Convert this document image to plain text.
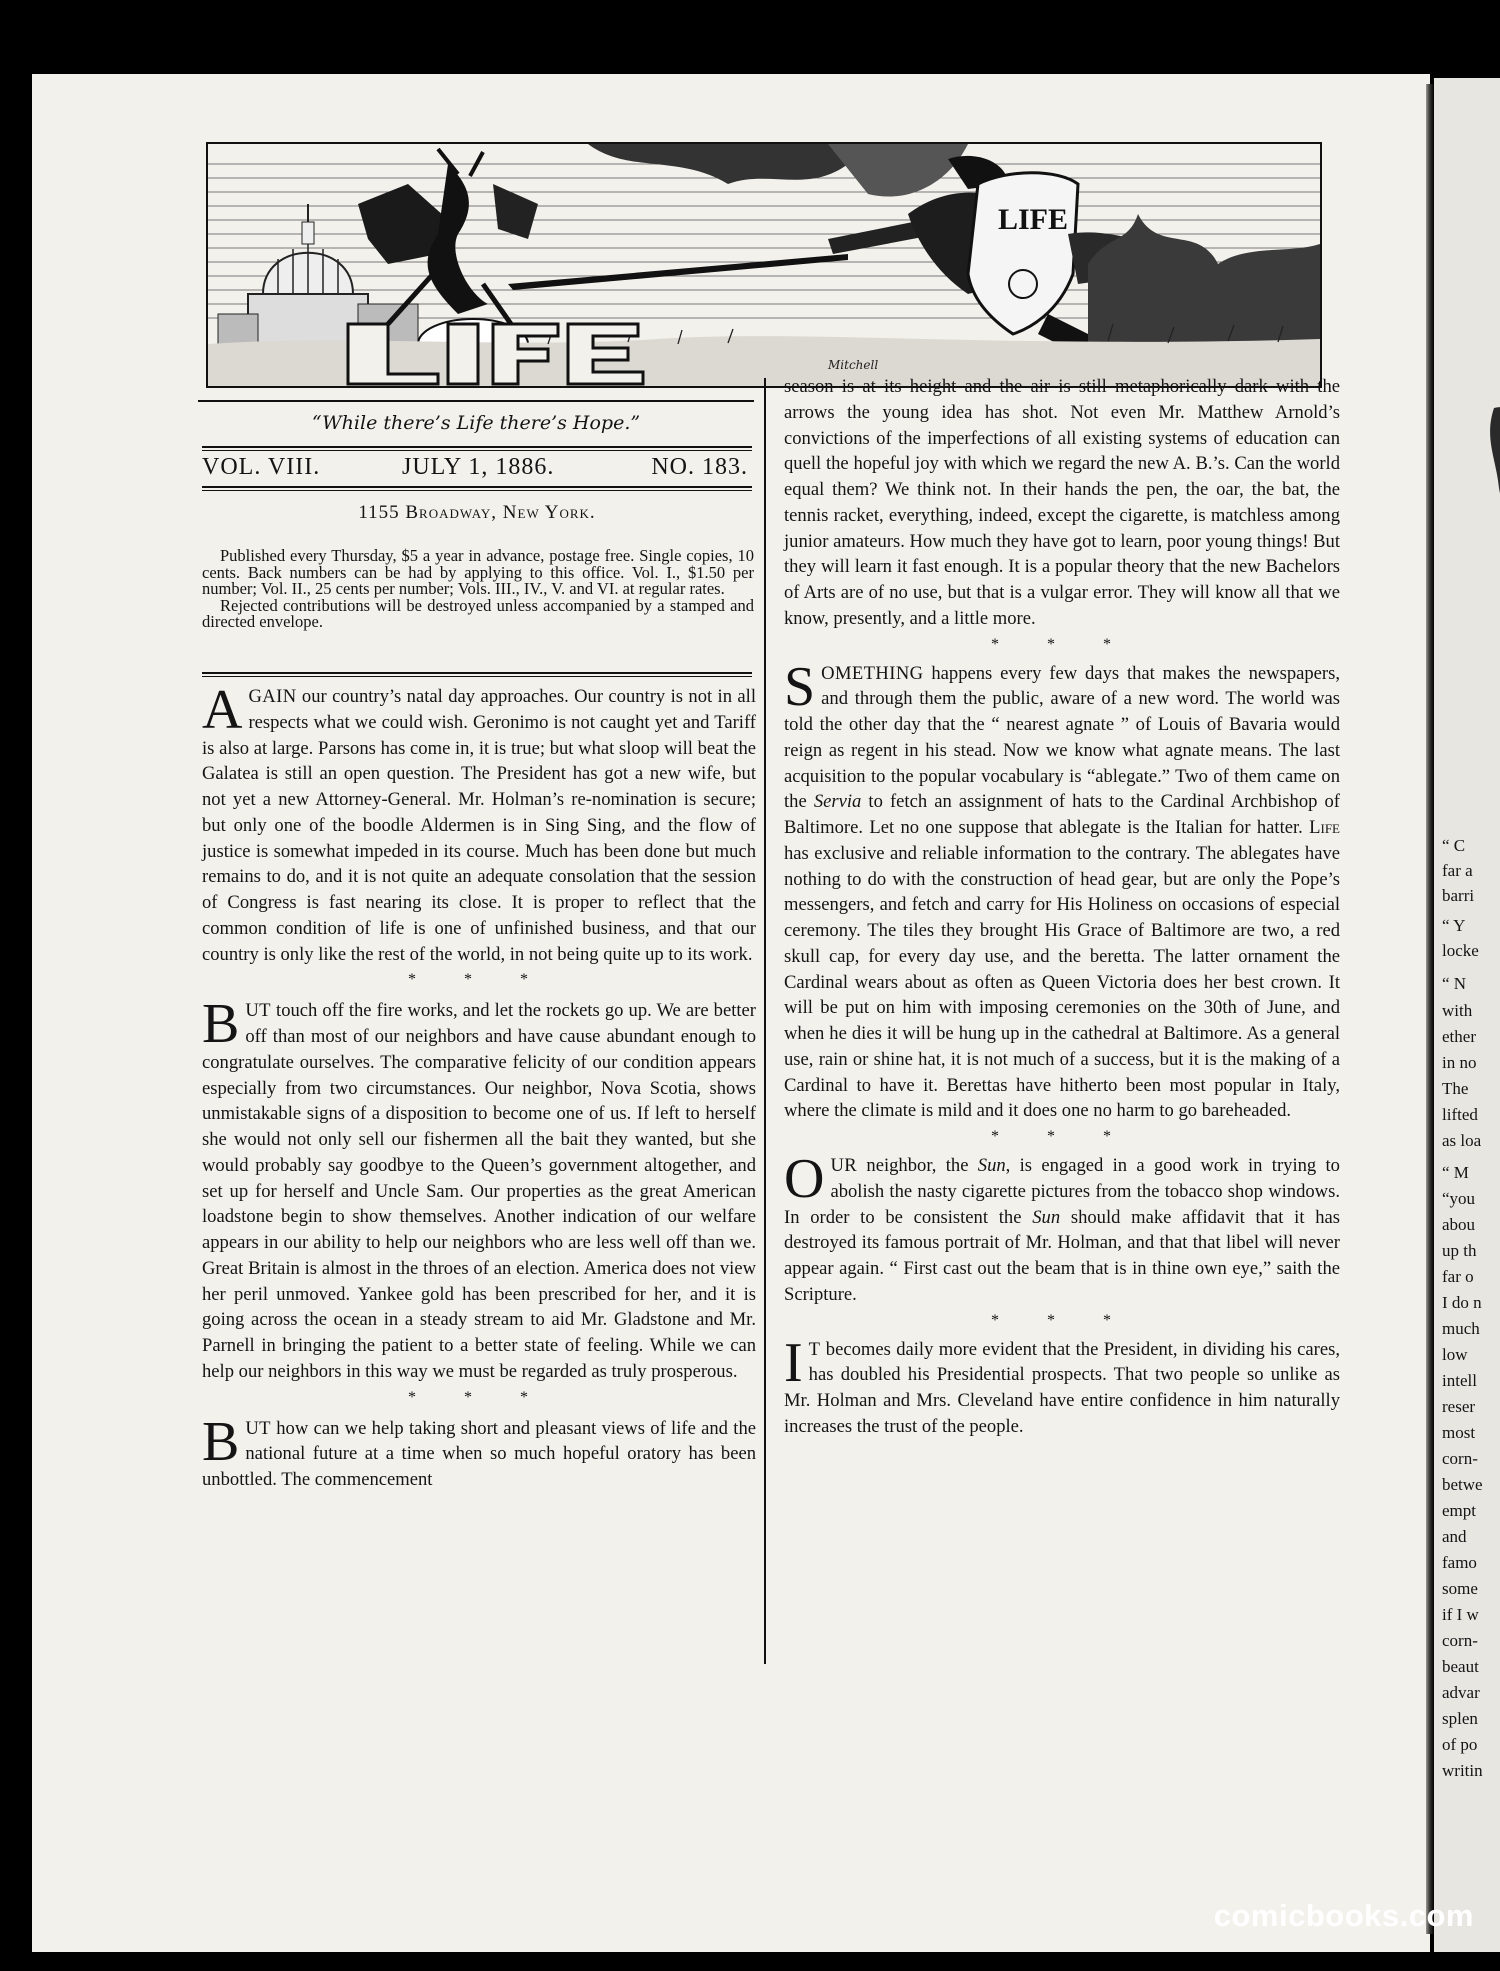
“ C
far a
barri
“ Y
locke
“ N
with
ether
in no
The
lifted
as loa
“ M
“you
abou
up th
far o
I do n
much
low
intell
reser
most
corn-
betwe
empt
and
famo
some
if I w
corn-
beaut
advar
splen
of po
writin
LIFE
Mitchell
“While there’s Life there’s Hope.”
VOL. VIII.	JULY 1, 1886.	NO. 183.
1155 Broadway, New York.

Published every Thursday, $5 a year in advance, postage free. Single copies, 10 cents. Back numbers can be had by applying to this office. Vol. I., $1.50 per number; Vol. II., 25 cents per number; Vols. III., IV., V. and VI. at regular rates.

Rejected contributions will be destroyed unless accompanied by a stamped and directed envelope.

AGAIN our country’s natal day approaches. Our country is not in all respects what we could wish. Geronimo is not caught yet and Tariff is also at large. Parsons has come in, it is true; but what sloop will beat the Galatea is still an open question. The President has got a new wife, but not yet a new Attorney-General. Mr. Holman’s re-nomination is secure; but only one of the boodle Aldermen is in Sing Sing, and the flow of justice is somewhat impeded in its course. Much has been done but much remains to do, and it is not quite an adequate consolation that the session of Congress is fast nearing its close. It is proper to reflect that the common condition of life is one of unfinished business, and that our country is only like the rest of the world, in not being quite up to its work.

* * *

BUT touch off the fire works, and let the rockets go up. We are better off than most of our neighbors and have cause abundant enough to congratulate ourselves. The comparative felicity of our condition appears especially from two circumstances. Our neighbor, Nova Scotia, shows unmistakable signs of a disposition to become one of us. If left to herself she would not only sell our fishermen all the bait they wanted, but she would probably say goodbye to the Queen’s government altogether, and set up for herself and Uncle Sam. Our properties as the great American loadstone begin to show themselves. Another indication of our welfare appears in our ability to help our neighbors who are less well off than we. Great Britain is almost in the throes of an election. America does not view her peril unmoved. Yankee gold has been prescribed for her, and it is going across the ocean in a steady stream to aid Mr. Gladstone and Mr. Parnell in bringing the patient to a better state of feeling. While we can help our neighbors in this way we must be regarded as truly prosperous.

* * *

BUT how can we help taking short and pleasant views of life and the national future at a time when so much hopeful oratory has been unbottled. The commencement

season is at its height and the air is still metaphorically dark with the arrows the young idea has shot. Not even Mr. Matthew Arnold’s convictions of the imperfections of all existing systems of education can quell the hopeful joy with which we regard the new A. B.’s. Can the world equal them? We think not. In their hands the pen, the oar, the bat, the tennis racket, everything, indeed, except the cigarette, is matchless among junior amateurs. How much they have got to learn, poor young things! But they will learn it fast enough. It is a popular theory that the new Bachelors of Arts are of no use, but that is a vulgar error. They will know all that we know, presently, and a little more.

* * *

SOMETHING happens every few days that makes the newspapers, and through them the public, aware of a new word. The world was told the other day that the “ nearest agnate ” of Louis of Bavaria would reign as regent in his stead. Now we know what agnate means. The last acquisition to the popular vocabulary is “ablegate.” Two of them came on the Servia to fetch an assignment of hats to the Cardinal Archbishop of Baltimore. Let no one suppose that ablegate is the Italian for hatter. Life has exclusive and reliable information to the contrary. The ablegates have nothing to do with the construction of head gear, but are only the Pope’s messengers, and fetch and carry for His Holiness on occasions of especial ceremony. The tiles they brought His Grace of Baltimore are two, a red skull cap, for every day use, and the beretta. The latter ornament the Cardinal wears about as often as Queen Victoria does her best crown. It will be put on him with imposing ceremonies on the 30th of June, and when he dies it will be hung up in the cathedral at Baltimore. As a general use, rain or shine hat, it is not much of a success, but it is the making of a Cardinal to have it. Berettas have hitherto been most popular in Italy, where the climate is mild and it does one no harm to go bareheaded.

* * *

OUR neighbor, the Sun, is engaged in a good work in trying to abolish the nasty cigarette pictures from the tobacco shop windows. In order to be consistent the Sun should make affidavit that it has destroyed its famous portrait of Mr. Holman, and that that libel will never appear again. “ First cast out the beam that is in thine own eye,” saith the Scripture.

* * *

I T becomes daily more evident that the President, in dividing his cares, has doubled his Presidential prospects. That two people so unlike as Mr. Holman and Mrs. Cleveland have entire confidence in him naturally increases the trust of the people.

comicbooks.com
